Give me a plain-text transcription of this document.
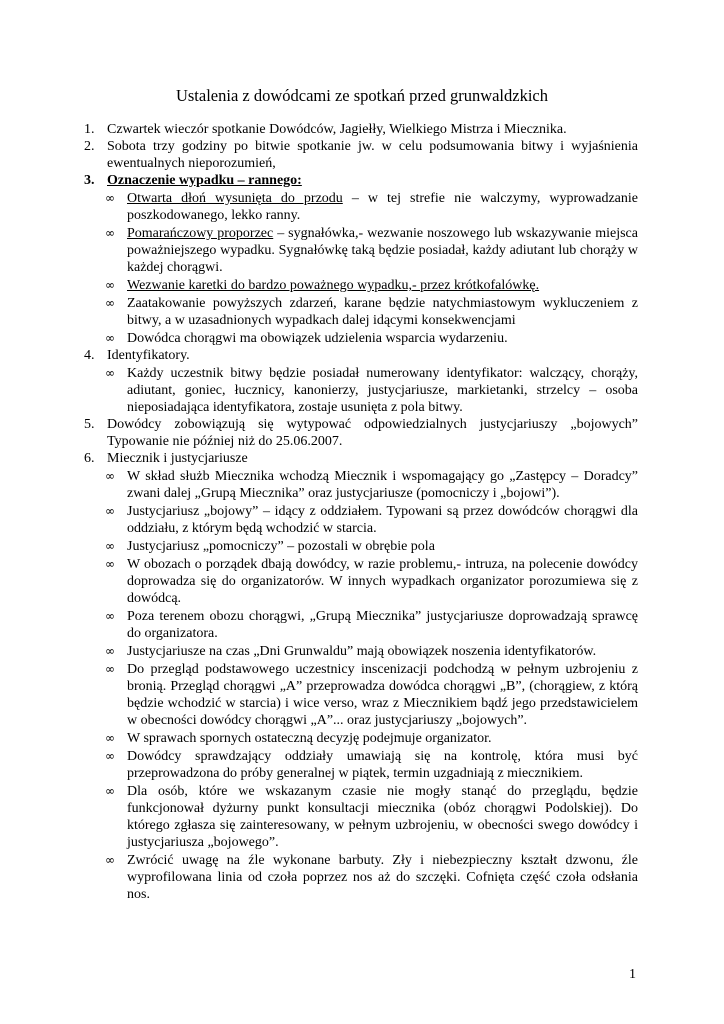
Ustalenia z dowódcami ze spotkań przed grunwaldzkich
1. Czwartek wieczór spotkanie Dowódców, Jagiełły, Wielkiego Mistrza i Miecznika.
2. Sobota trzy godziny po bitwie spotkanie jw. w celu podsumowania bitwy i wyjaśnienia ewentualnych nieporozumień,
3. Oznaczenie wypadku – rannego:
∞ Otwarta dłoń wysunięta do przodu – w tej strefie nie walczymy, wyprowadzanie poszkodowanego, lekko ranny.
∞ Pomarańczowy proporzec – sygnałówka,- wezwanie noszowego lub wskazywanie miejsca poważniejszego wypadku. Sygnałówkę taką będzie posiadał, każdy adiutant lub chorąży w każdej chorągwi.
∞ Wezwanie karetki do bardzo poważnego wypadku,- przez krótkofalówkę.
∞ Zaatakowanie powyższych zdarzeń, karane będzie natychmiastowym wykluczeniem z bitwy, a w uzasadnionych wypadkach dalej idącymi konsekwencjami
∞ Dowódca chorągwi ma obowiązek udzielenia wsparcia wydarzeniu.
4. Identyfikatory.
∞ Każdy uczestnik bitwy będzie posiadał numerowany identyfikator: walczący, chorąży, adiutant, goniec, łucznicy, kanonierzy, justycjariusze, markietanki, strzelcy – osoba nieposiadająca identyfikatora, zostaje usunięta z pola bitwy.
5. Dowódcy zobowiązują się wytypować odpowiedzialnych justycjariuszy „bojowych” Typowanie nie później niż do 25.06.2007.
6. Miecznik i justycjariusze
∞ W skład służb Miecznika wchodzą Miecznik i wspomagający go „Zastępcy – Doradcy” zwani dalej „Grupą Miecznika” oraz justycjariusze (pomocniczy i „bojowi”).
∞ Justycjariusz „bojowy” – idący z oddziałem. Typowani są przez dowódców chorągwi dla oddziału, z którym będą wchodzić w starcia.
∞ Justycjariusz „pomocniczy” – pozostali w obrębie pola
∞ W obozach o porządek dbają dowódcy, w razie problemu,- intruza, na polecenie dowódcy doprowadza się do organizatorów. W innych wypadkach organizator porozumiewa się z dowódcą.
∞ Poza terenem obozu chorągwi, „Grupą Miecznika” justycjariusze doprowadzają sprawcę do organizatora.
∞ Justycjariusze na czas „Dni Grunwaldu” mają obowiązek noszenia identyfikatorów.
∞ Do przegląd podstawowego uczestnicy inscenizacji podchodzą w pełnym uzbrojeniu z bronią. Przegląd chorągwi „A” przeprowadza dowódca chorągwi „B”, (chorągiew, z którą będzie wchodzić w starcia) i wice verso, wraz z Miecznikiem bądź jego przedstawicielem w obecności dowódcy chorągwi „A”... oraz justycjariuszy „bojowych”.
∞ W sprawach spornych ostateczną decyzję podejmuje organizator.
∞ Dowódcy sprawdzający oddziały umawiają się na kontrolę, która musi być przeprowadzona do próby generalnej w piątek, termin uzgadniają z miecznikiem.
∞ Dla osób, które we wskazanym czasie nie mogły stanąć do przeglądu, będzie funkcjonował dyżurny punkt konsultacji miecznika (obóz chorągwi Podolskiej). Do którego zgłasza się zainteresowany, w pełnym uzbrojeniu, w obecności swego dowódcy i justycjariusza „bojowego”.
∞ Zwrócić uwagę na źle wykonane barbuty. Zły i niebezpieczny kształt dzwonu, źle wyprofilowana linia od czoła poprzez nos aż do szczęki. Cofnięta część czoła odsłania nos.
1
